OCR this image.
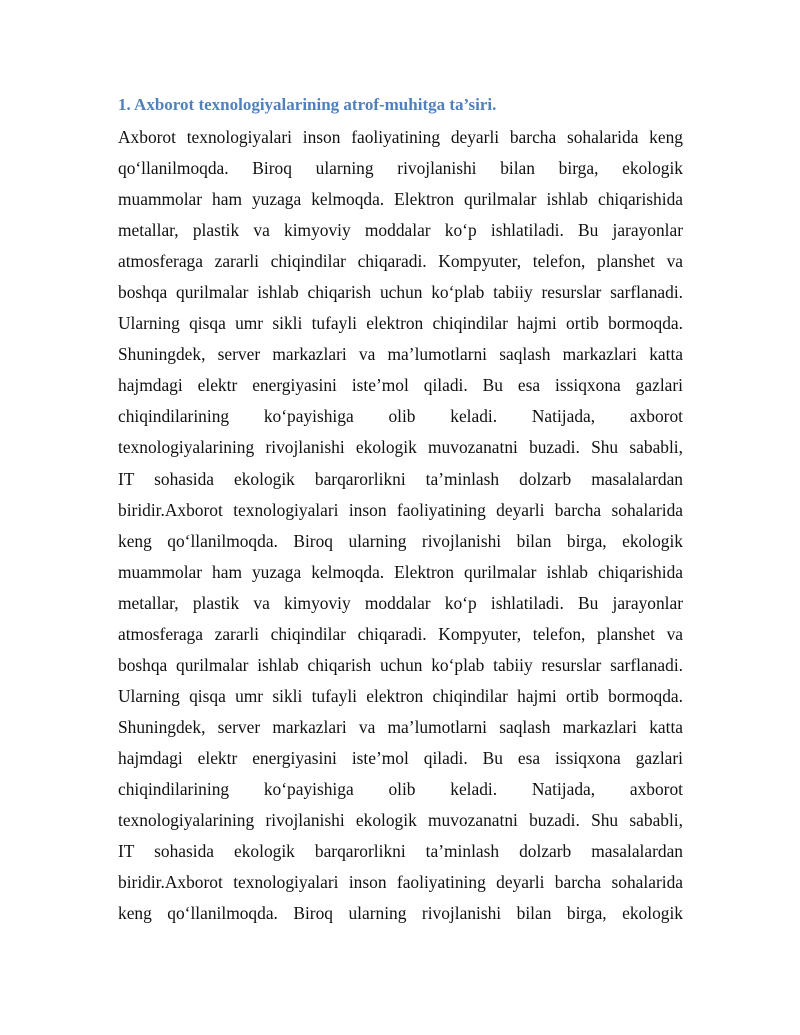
1. Axborot texnologiyalarining atrof-muhitga ta’siri.
Axborot texnologiyalari inson faoliyatining deyarli barcha sohalarida keng
qo‘llanilmoqda. Biroq ularning rivojlanishi bilan birga, ekologik
muammolar ham yuzaga kelmoqda. Elektron qurilmalar ishlab chiqarishida
metallar, plastik va kimyoviy moddalar ko‘p ishlatiladi. Bu jarayonlar
atmosferaga zararli chiqindilar chiqaradi. Kompyuter, telefon, planshet va
boshqa qurilmalar ishlab chiqarish uchun ko‘plab tabiiy resurslar sarflanadi.
Ularning qisqa umr sikli tufayli elektron chiqindilar hajmi ortib bormoqda.
Shuningdek, server markazlari va ma’lumotlarni saqlash markazlari katta
hajmdagi elektr energiyasini iste’mol qiladi. Bu esa issiqxona gazlari
chiqindilarining ko‘payishiga olib keladi. Natijada, axborot
texnologiyalarining rivojlanishi ekologik muvozanatni buzadi. Shu sababli,
IT sohasida ekologik barqarorlikni ta’minlash dolzarb masalalardan
biridir.Axborot texnologiyalari inson faoliyatining deyarli barcha sohalarida
keng qo‘llanilmoqda. Biroq ularning rivojlanishi bilan birga, ekologik
muammolar ham yuzaga kelmoqda. Elektron qurilmalar ishlab chiqarishida
metallar, plastik va kimyoviy moddalar ko‘p ishlatiladi. Bu jarayonlar
atmosferaga zararli chiqindilar chiqaradi. Kompyuter, telefon, planshet va
boshqa qurilmalar ishlab chiqarish uchun ko‘plab tabiiy resurslar sarflanadi.
Ularning qisqa umr sikli tufayli elektron chiqindilar hajmi ortib bormoqda.
Shuningdek, server markazlari va ma’lumotlarni saqlash markazlari katta
hajmdagi elektr energiyasini iste’mol qiladi. Bu esa issiqxona gazlari
chiqindilarining ko‘payishiga olib keladi. Natijada, axborot
texnologiyalarining rivojlanishi ekologik muvozanatni buzadi. Shu sababli,
IT sohasida ekologik barqarorlikni ta’minlash dolzarb masalalardan
biridir.Axborot texnologiyalari inson faoliyatining deyarli barcha sohalarida
keng qo‘llanilmoqda. Biroq ularning rivojlanishi bilan birga, ekologik
